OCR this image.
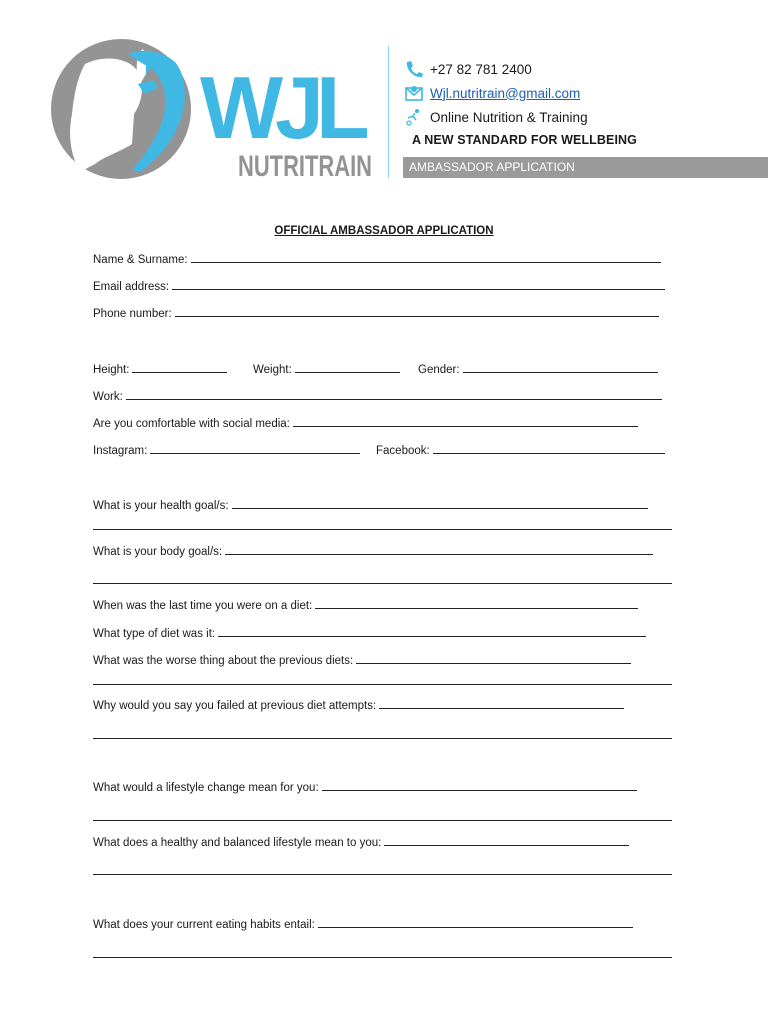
WJL
NUTRITRAIN
+27 82 781 2400
Wjl.nutritrain@gmail.com
Online Nutrition & Training
A NEW STANDARD FOR WELLBEING
AMBASSADOR APPLICATION
OFFICIAL AMBASSADOR APPLICATION
Name & Surname:
Email address:
Phone number:
Height:	Weight:	Gender:
Work:
Are you comfortable with social media:
Instagram:	Facebook:
What is your health goal/s:
What is your body goal/s:
When was the last time you were on a diet:
What type of diet was it:
What was the worse thing about the previous diets:
Why would you say you failed at previous diet attempts:
What would a lifestyle change mean for you:
What does a healthy and balanced lifestyle mean to you:
What does your current eating habits entail:
